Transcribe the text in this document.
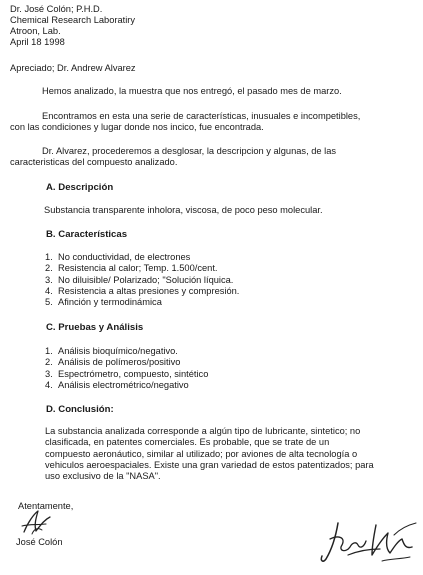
Dr. José Colón; P.H.D.
Chemical Research Laboratiry
Atroon, Lab.
April 18 1998
Apreciado; Dr. Andrew Alvarez
Hemos analizado, la muestra que nos entregó, el pasado mes de marzo.
Encontramos en esta una serie de características, inusuales e incompetibles,
con las condiciones y lugar donde nos incico, fue encontrada.
Dr. Alvarez, procederemos a desglosar, la descripcion y algunas, de las
caracteristicas del compuesto analizado.
A. Descripción
Substancia transparente inholora, viscosa, de poco peso molecular.
B. Características
1. No conductividad, de electrones
2. Resistencia al calor; Temp. 1.500/cent.
3. No diluisible/ Polarizado; "Solución líquica.
4. Resistencia a altas presiones y compresión.
5. Afinción y termodinámica
C. Pruebas y Análisis
1. Análisis bioquímico/negativo.
2. Análisis de polímeros/positivo
3. Espectrómetro, compuesto, sintético
4. Análisis electrométrico/negativo
D. Conclusión:
La substancia analizada corresponde a algún tipo de lubricante, sintetico; no
clasificada, en patentes comerciales. Es probable, que se trate de un
compuesto aeronáutico, similar al utilizado; por aviones de alta tecnología o
vehiculos aeroespaciales. Existe una gran variedad de estos patentizados; para
uso exclusivo de la "NASA".
Atentamente,
José Colón
